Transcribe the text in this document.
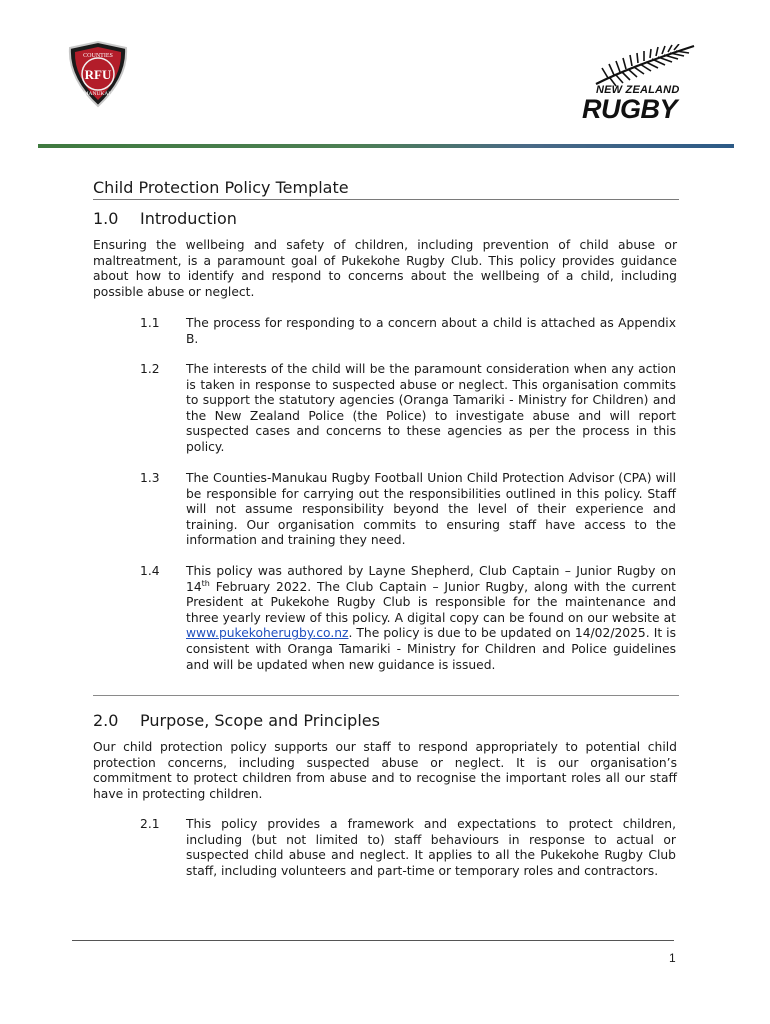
COUNTIES
RFU
MANUKAU	NEW ZEALAND
RUGBY
Child Protection Policy Template
1.0 Introduction
Ensuring the wellbeing and safety of children, including prevention of child abuse or maltreatment, is a paramount goal of Pukekohe Rugby Club. This policy provides guidance about how to identify and respond to concerns about the wellbeing of a child, including possible abuse or neglect.
1.1 The process for responding to a concern about a child is attached as Appendix B.
1.2 The interests of the child will be the paramount consideration when any action is taken in response to suspected abuse or neglect. This organisation commits to support the statutory agencies (Oranga Tamariki - Ministry for Children) and the New Zealand Police (the Police) to investigate abuse and will report suspected cases and concerns to these agencies as per the process in this policy.
1.3 The Counties-Manukau Rugby Football Union Child Protection Advisor (CPA) will be responsible for carrying out the responsibilities outlined in this policy. Staff will not assume responsibility beyond the level of their experience and training. Our organisation commits to ensuring staff have access to the information and training they need.
1.4 This policy was authored by Layne Shepherd, Club Captain – Junior Rugby on 14th February 2022. The Club Captain – Junior Rugby, along with the current President at Pukekohe Rugby Club is responsible for the maintenance and three yearly review of this policy. A digital copy can be found on our website at www.pukekoherugby.co.nz. The policy is due to be updated on 14/02/2025. It is consistent with Oranga Tamariki - Ministry for Children and Police guidelines and will be updated when new guidance is issued.
2.0 Purpose, Scope and Principles
Our child protection policy supports our staff to respond appropriately to potential child protection concerns, including suspected abuse or neglect. It is our organisation’s commitment to protect children from abuse and to recognise the important roles all our staff have in protecting children.
2.1 This policy provides a framework and expectations to protect children, including (but not limited to) staff behaviours in response to actual or suspected child abuse and neglect. It applies to all the Pukekohe Rugby Club staff, including volunteers and part-time or temporary roles and contractors.
1
